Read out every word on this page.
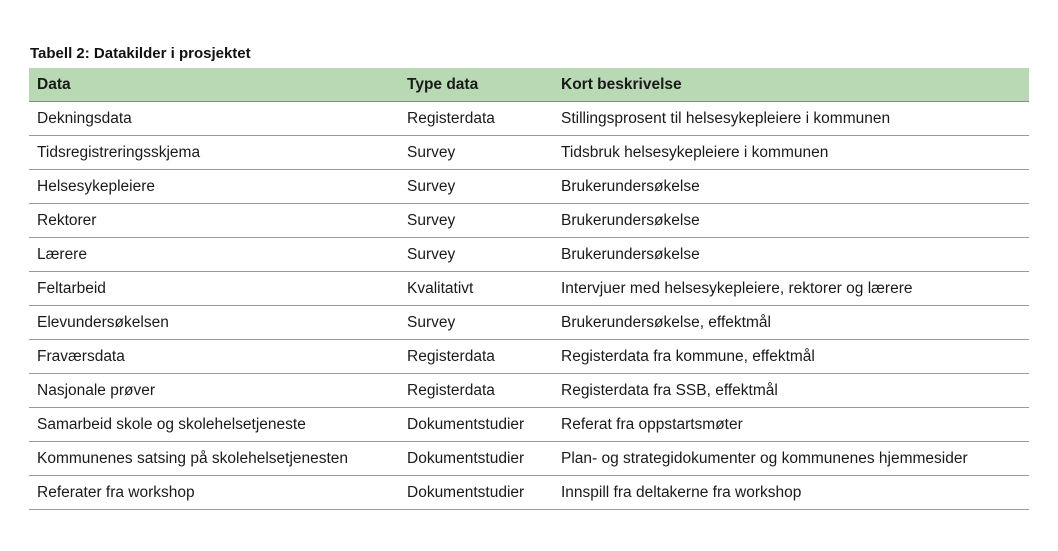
Tabell 2: Datakilder i prosjektet
Data	Type data	Kort beskrivelse
Dekningsdata	Registerdata	Stillingsprosent til helsesykepleiere i kommunen
Tidsregistreringsskjema	Survey	Tidsbruk helsesykepleiere i kommunen
Helsesykepleiere	Survey	Brukerundersøkelse
Rektorer	Survey	Brukerundersøkelse
Lærere	Survey	Brukerundersøkelse
Feltarbeid	Kvalitativt	Intervjuer med helsesykepleiere, rektorer og lærere
Elevundersøkelsen	Survey	Brukerundersøkelse, effektmål
Fraværsdata	Registerdata	Registerdata fra kommune, effektmål
Nasjonale prøver	Registerdata	Registerdata fra SSB, effektmål
Samarbeid skole og skolehelsetjeneste	Dokumentstudier	Referat fra oppstartsmøter
Kommunenes satsing på skolehelsetjenesten	Dokumentstudier	Plan- og strategidokumenter og kommunenes hjemmesider
Referater fra workshop	Dokumentstudier	Innspill fra deltakerne fra workshop
